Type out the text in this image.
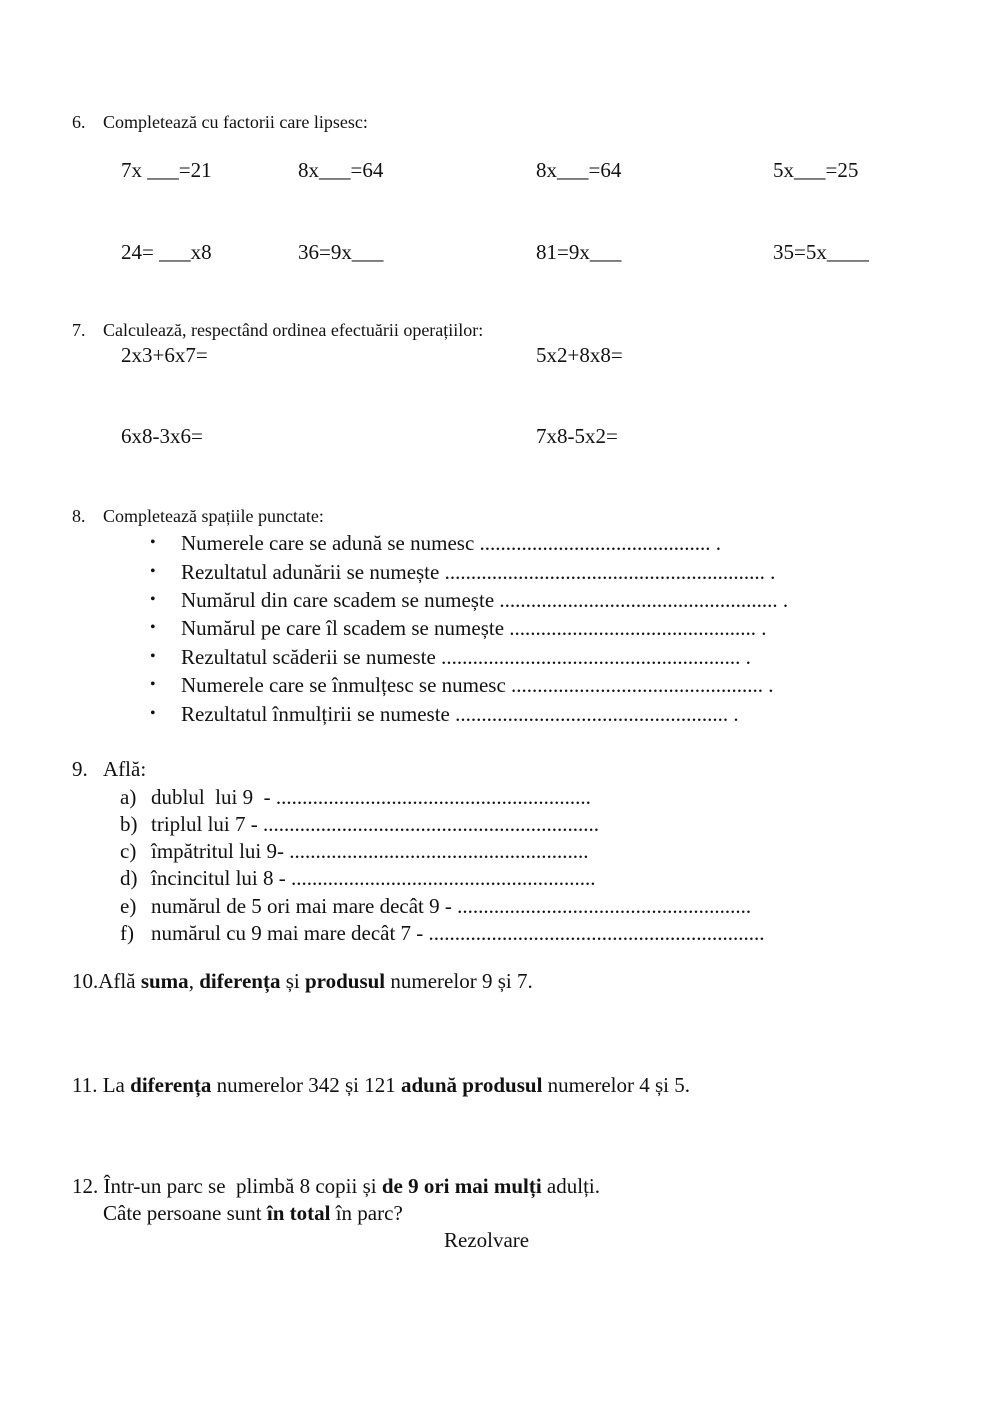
6. Completează cu factorii care lipsesc:
7x ___=21	8x___=64	8x___=64	5x___=25
24= ___x8	36=9x___	81=9x___	35=5x____
7. Calculează, respectând ordinea efectuării operațiilor:
2x3+6x7=	5x2+8x8=
6x8-3x6=	7x8-5x2=
8. Completează spațiile punctate:
• Numerele care se adună se numesc ............................................ .
• Rezultatul adunării se numește ............................................................. .
• Numărul din care scadem se numește ..................................................... .
• Numărul pe care îl scadem se numește ............................................... .
• Rezultatul scăderii se numeste ......................................................... .
• Numerele care se înmulțesc se numesc ................................................ .
• Rezultatul înmulțirii se numeste .................................................... .
9. Află:
a) dublul  lui 9  - ............................................................
b) triplul lui 7 - ................................................................
c) împătritul lui 9- .........................................................
d) încincitul lui 8 - ..........................................................
e) numărul de 5 ori mai mare decât 9 - ........................................................
f) numărul cu 9 mai mare decât 7 - ................................................................
10.Află suma, diferența și produsul numerelor 9 și 7.
11. La diferența numerelor 342 și 121 adună produsul numerelor 4 și 5.
12. Într-un parc se  plimbă 8 copii și de 9 ori mai mulți adulți.
Câte persoane sunt în total în parc?
Rezolvare
